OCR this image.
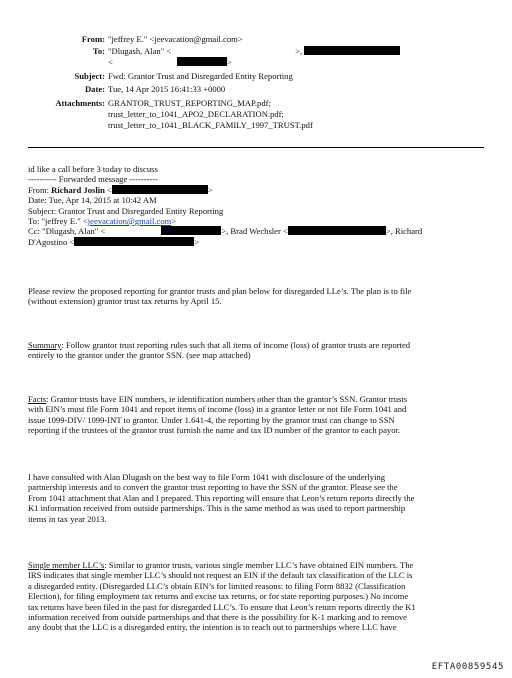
From: "jeffrey E." <jeevacation@gmail.com>
To: "Dlugash, Alan" <	>,
<	>
Subject: Fwd: Grantor Trust and Disregarded Entity Reporting
Date: Tue, 14 Apr 2015 16:41:33 +0000
Attachments: GRANTOR_TRUST_REPORTING_MAP.pdf;
trust_letter_to_1041_APO2_DECLARATION.pdf;
trust_letter_to_1041_BLACK_FAMILY_1997_TRUST.pdf
id like a call before 3 today to discuss
---------- Forwarded message ----------
From: Richard Joslin <	>
Date: Tue, Apr 14, 2015 at 10:42 AM
Subject: Grantor Trust and Disregarded Entity Reporting
To: "jeffrey E." <jeevacation@gmail.com>
Cc: "Dlugash, Alan" <	>, Brad Wechsler <	>, Richard
D'Agostino <	>
Please review the proposed reporting for grantor trusts and plan below for disregarded LLe’s. The plan is to file
(without extension) grantor trust tax returns by April 15.
Summary: Follow grantor trust reporting rules such that all items of income (loss) of grantor trusts are reported
entirely to the grantor under the grantor SSN. (see map attached)
Facts: Grantor trusts have EIN numbers, ie identification numbers other than the grantor’s SSN. Grantor trusts
with EIN’s must file Form 1041 and report items of income (loss) in a grantor letter or not file Form 1041 and
issue 1099-DIV/ 1099-INT to grantor. Under 1.641-4, the reporting by the grantor trust can change to SSN
reporting if the trustees of the grantor trust furnish the name and tax ID number of the grantor to each payor.
I have consulted with Alan Dlugash on the best way to file Form 1041 with disclosure of the underlying
partnership interests and to convert the grantor trust reporting to have the SSN of the grantor. Please see the
From 1041 attachment that Alan and I prepared. This reporting will ensure that Leon’s return reports directly the
K1 information received from outside partnerships. This is the same method as was used to report partnership
items in tax year 2013.
Single member LLC’s: Similar to grantor trusts, various single member LLC’s have obtained EIN numbers. The
IRS indicates that single member LLC’s should not request an EIN if the default tax classification of the LLC is
a disregarded entity. (Disregarded LLC’s obtain EIN’s for limited reasons: to filing Form 8832 (Classification
Election), for filing employment tax returns and excise tax returns, or for state reporting purposes.) No income
tax returns have been filed in the past for disregarded LLC’s. To ensure that Leon’s return reports directly the K1
information received from outside partnerships and that there is the possibility for K-1 marking and to remove
any doubt that the LLC is a disregarded entity, the intention is to reach out to partnerships where LLC have
EFTA00859545
